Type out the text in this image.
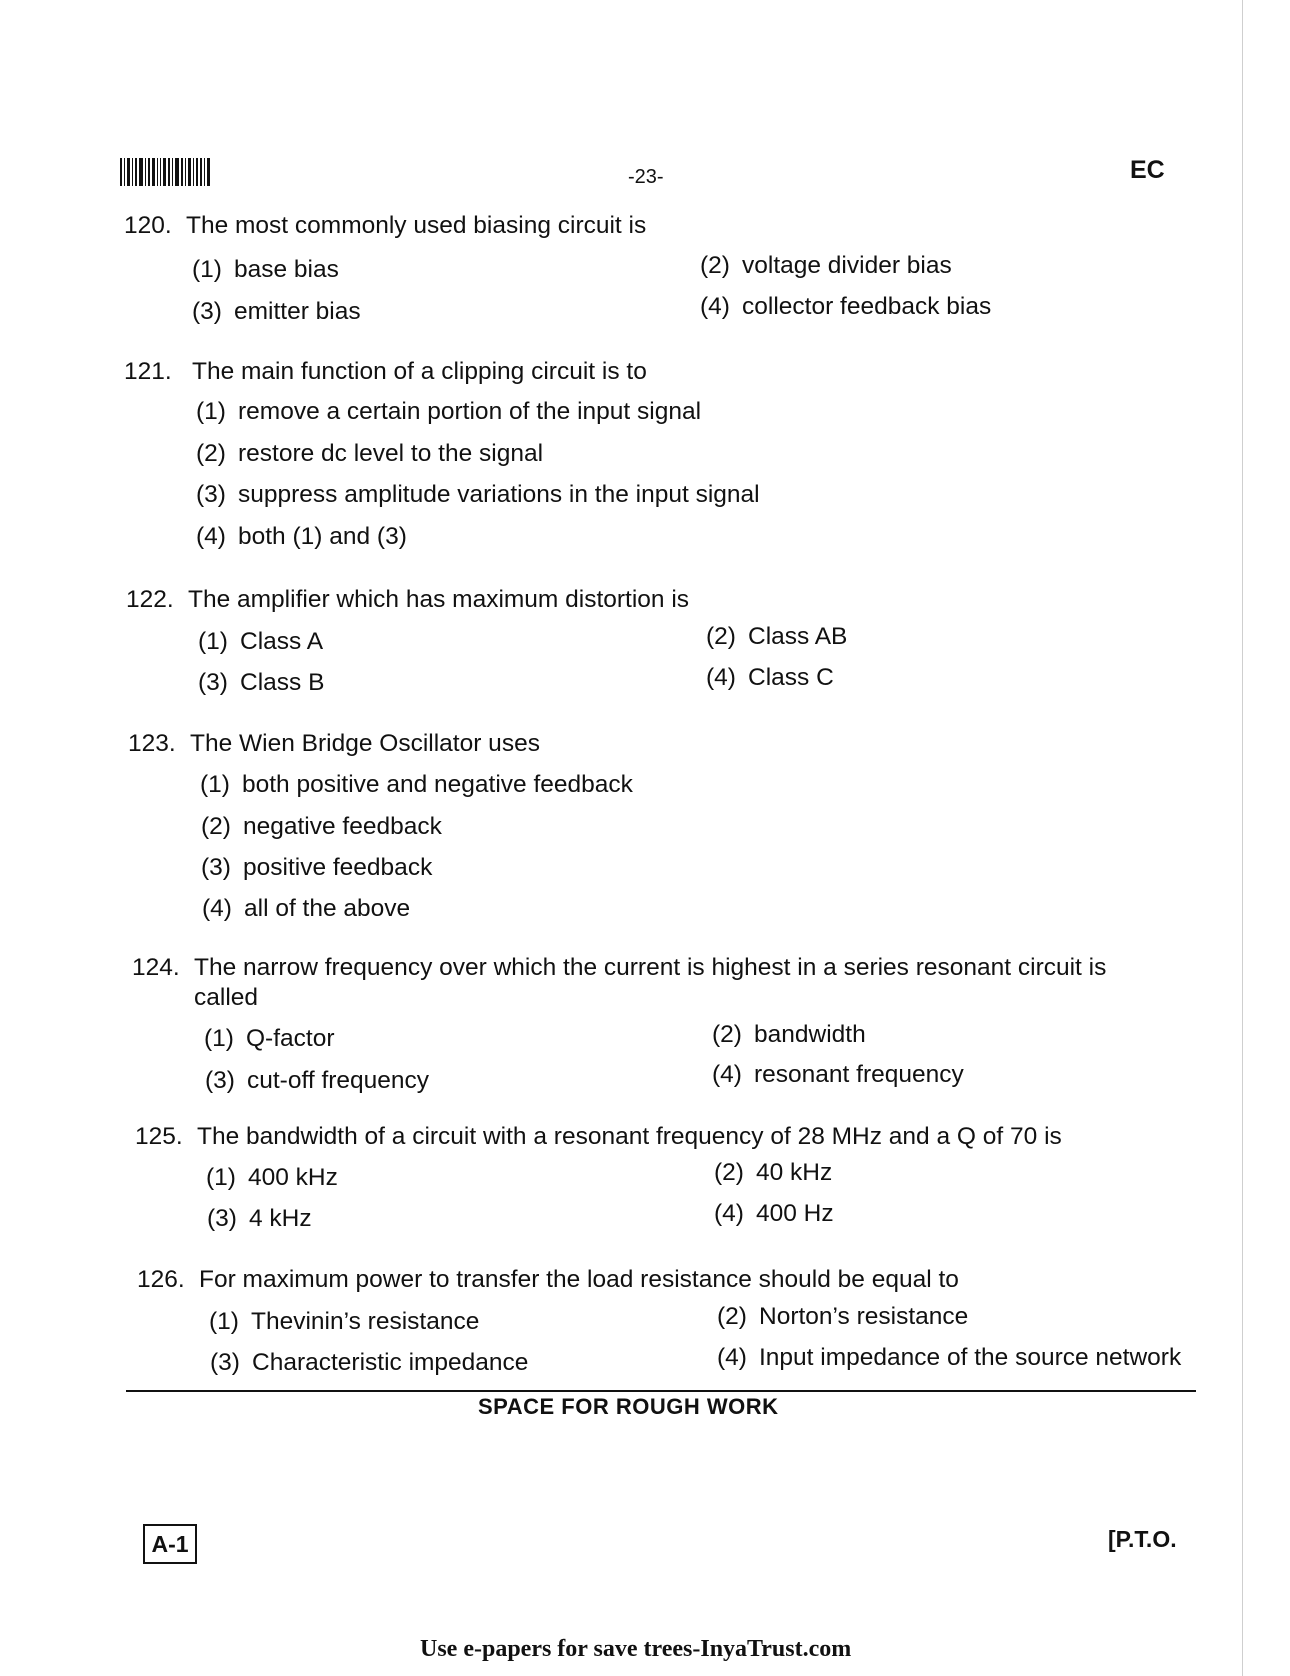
-23-	EC
120. The most commonly used biasing circuit is
(1) base bias	(2) voltage divider bias
(3) emitter bias	(4) collector feedback bias
121. The main function of a clipping circuit is to
(1) remove a certain portion of the input signal
(2) restore dc level to the signal
(3) suppress amplitude variations in the input signal
(4) both (1) and (3)
122. The amplifier which has maximum distortion is
(1) Class A	(2) Class AB
(3) Class B	(4) Class C
123. The Wien Bridge Oscillator uses
(1) both positive and negative feedback
(2) negative feedback
(3) positive feedback
(4) all of the above
124. The narrow frequency over which the current is highest in a series resonant circuit is
called
(1) Q-factor	(2) bandwidth
(3) cut-off frequency	(4) resonant frequency
125. The bandwidth of a circuit with a resonant frequency of 28 MHz and a Q of 70 is
(1) 400 kHz	(2) 40 kHz
(3) 4 kHz	(4) 400 Hz
126. For maximum power to transfer the load resistance should be equal to
(1) Thevinin’s resistance	(2) Norton’s resistance
(3) Characteristic impedance	(4) Input impedance of the source network
SPACE FOR ROUGH WORK
A-1	[P.T.O.
Use e-papers for save trees-InyaTrust.com
